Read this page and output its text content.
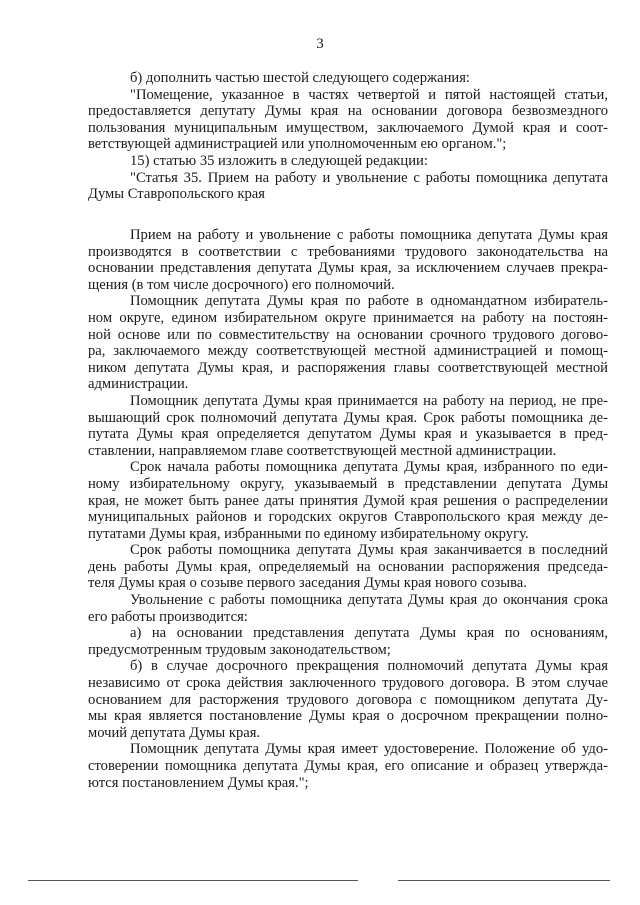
3
б) дополнить частью шестой следующего содержания:
"Помещение, указанное в частях четвертой и пятой настоящей статьи,
предоставляется депутату Думы края на основании договора безвозмездного
пользования муниципальным имуществом, заключаемого Думой края и соот-
ветствующей администрацией или уполномоченным ею органом.";
15) статью 35 изложить в следующей редакции:
"Статья 35. Прием на работу и увольнение с работы помощника депутата
Думы Ставропольского края
Прием на работу и увольнение с работы помощника депутата Думы края
производятся в соответствии с требованиями трудового законодательства на
основании представления депутата Думы края, за исключением случаев прекра-
щения (в том числе досрочного) его полномочий.
Помощник депутата Думы края по работе в одномандатном избиратель-
ном округе, едином избирательном округе принимается на работу на постоян-
ной основе или по совместительству на основании срочного трудового догово-
ра, заключаемого между соответствующей местной администрацией и помощ-
ником депутата Думы края, и распоряжения главы соответствующей местной
администрации.
Помощник депутата Думы края принимается на работу на период, не пре-
вышающий срок полномочий депутата Думы края. Срок работы помощника де-
путата Думы края определяется депутатом Думы края и указывается в пред-
ставлении, направляемом главе соответствующей местной администрации.
Срок начала работы помощника депутата Думы края, избранного по еди-
ному избирательному округу, указываемый в представлении депутата Думы
края, не может быть ранее даты принятия Думой края решения о распределении
муниципальных районов и городских округов Ставропольского края между де-
путатами Думы края, избранными по единому избирательному округу.
Срок работы помощника депутата Думы края заканчивается в последний
день работы Думы края, определяемый на основании распоряжения председа-
теля Думы края о созыве первого заседания Думы края нового созыва.
Увольнение с работы помощника депутата Думы края до окончания срока
его работы производится:
а) на основании представления депутата Думы края по основаниям,
предусмотренным трудовым законодательством;
б) в случае досрочного прекращения полномочий депутата Думы края
независимо от срока действия заключенного трудового договора. В этом случае
основанием для расторжения трудового договора с помощником депутата Ду-
мы края является постановление Думы края о досрочном прекращении полно-
мочий депутата Думы края.
Помощник депутата Думы края имеет удостоверение. Положение об удо-
стоверении помощника депутата Думы края, его описание и образец утвержда-
ются постановлением Думы края.";
